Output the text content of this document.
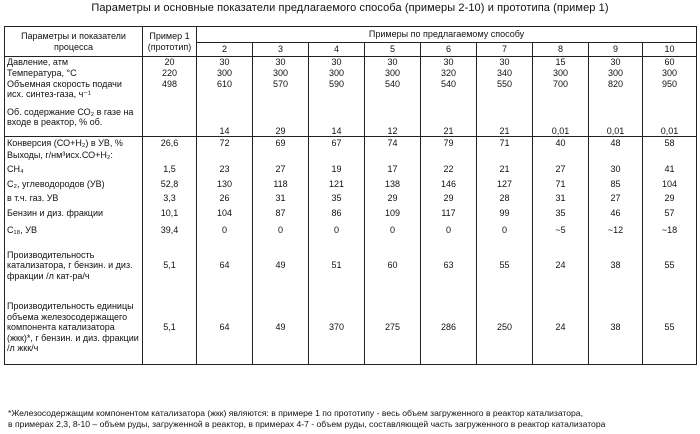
Параметры и основные показатели предлагаемого способа (примеры 2-10) и прототипа (пример 1)
Параметры и показатели процесса	Пример 1 (прототип)	Примеры по предлагаемому способу								
		2	3	4	5	6	7	8	9	10
Давление, атм	20	30	30	30	30	30	30	15	30	60
Температура, °С	220	300	300	300	300	320	340	300	300	300
Объемная скорость подачи исх. синтез-газа, ч⁻¹	498	610	570	590	540	540	550	700	820	950
Об. содержание СО₂ в газе на входе в реактор, % об.		14	29	14	12	21	21	0,01	0,01	0,01
Конверсия (СО+Н₂) в УВ, %	26,6	72	69	67	74	79	71	40	48	58
Выходы, г/нм³исх.СО+Н₂:										
СН₄	1,5	23	27	19	17	22	21	27	30	41
С₂, углеводородов (УВ)	52,8	130	118	121	138	146	127	71	85	104
в т.ч. газ. УВ	3,3	26	31	35	29	29	28	31	27	29
Бензин и диз. фракции	10,1	104	87	86	109	117	99	35	46	57
С₁₈, УВ	39,4	0	0	0	0	0	0	~5	~12	~18
Производительность катализатора, г бензин. и диз. фракции /л кат-ра/ч	5,1	64	49	51	60	63	55	24	38	55
Производительность единицы объема железосодержащего компонента катализатора (жкк)*, г бензин. и диз. фракции /л жкк/ч	5,1	64	49	370	275	286	250	24	38	55
*Железосодержащим компонентом катализатора (жкк) являются: в примере 1 по прототипу - весь объем загруженного в реактор катализатора,
в примерах 2,3, 8-10 – объем руды, загруженной в реактор, в примерах 4-7 - объем руды, составляющей часть загруженного в реактор катализатора
